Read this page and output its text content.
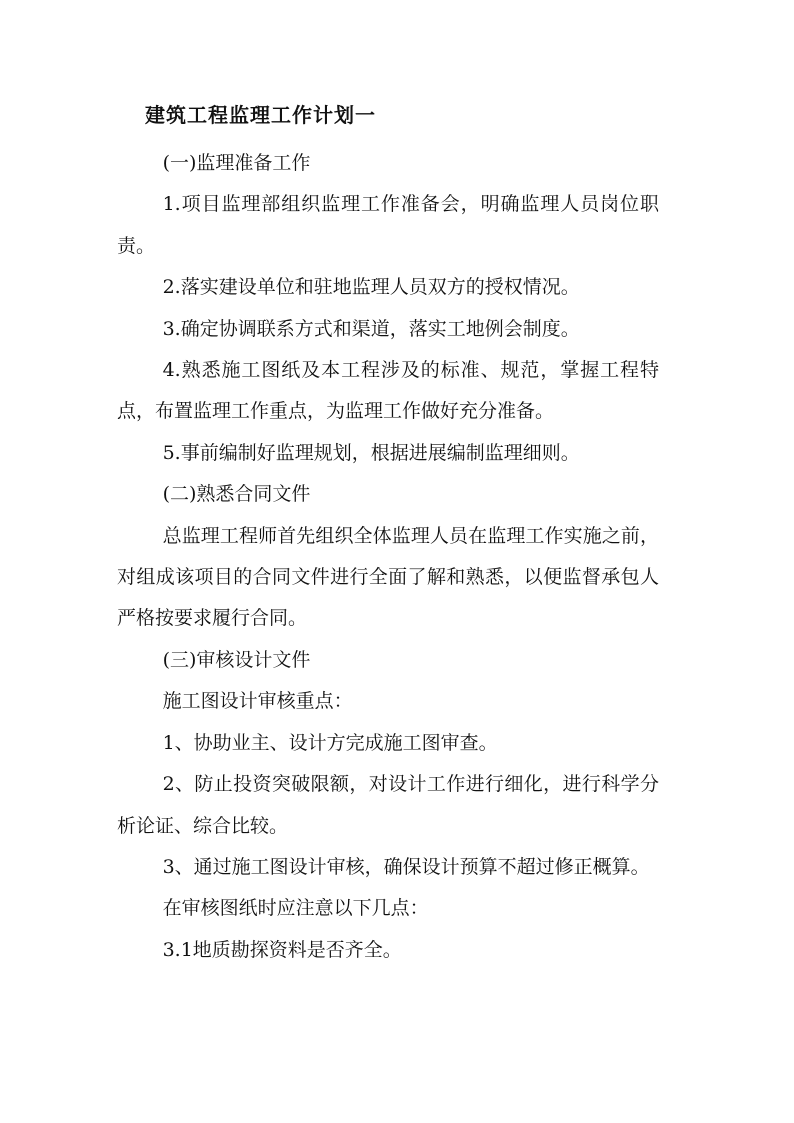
建筑工程监理工作计划一

(一)监理准备工作

1.项目监理部组织监理工作准备会，明确监理人员岗位职责。

2.落实建设单位和驻地监理人员双方的授权情况。

3.确定协调联系方式和渠道，落实工地例会制度。

4.熟悉施工图纸及本工程涉及的标准、规范，掌握工程特点，布置监理工作重点，为监理工作做好充分准备。

5.事前编制好监理规划，根据进展编制监理细则。

(二)熟悉合同文件

总监理工程师首先组织全体监理人员在监理工作实施之前，对组成该项目的合同文件进行全面了解和熟悉，以便监督承包人严格按要求履行合同。

(三)审核设计文件

施工图设计审核重点：

1、协助业主、设计方完成施工图审查。

2、防止投资突破限额，对设计工作进行细化，进行科学分析论证、综合比较。

3、通过施工图设计审核，确保设计预算不超过修正概算。

在审核图纸时应注意以下几点：

3.1地质勘探资料是否齐全。
